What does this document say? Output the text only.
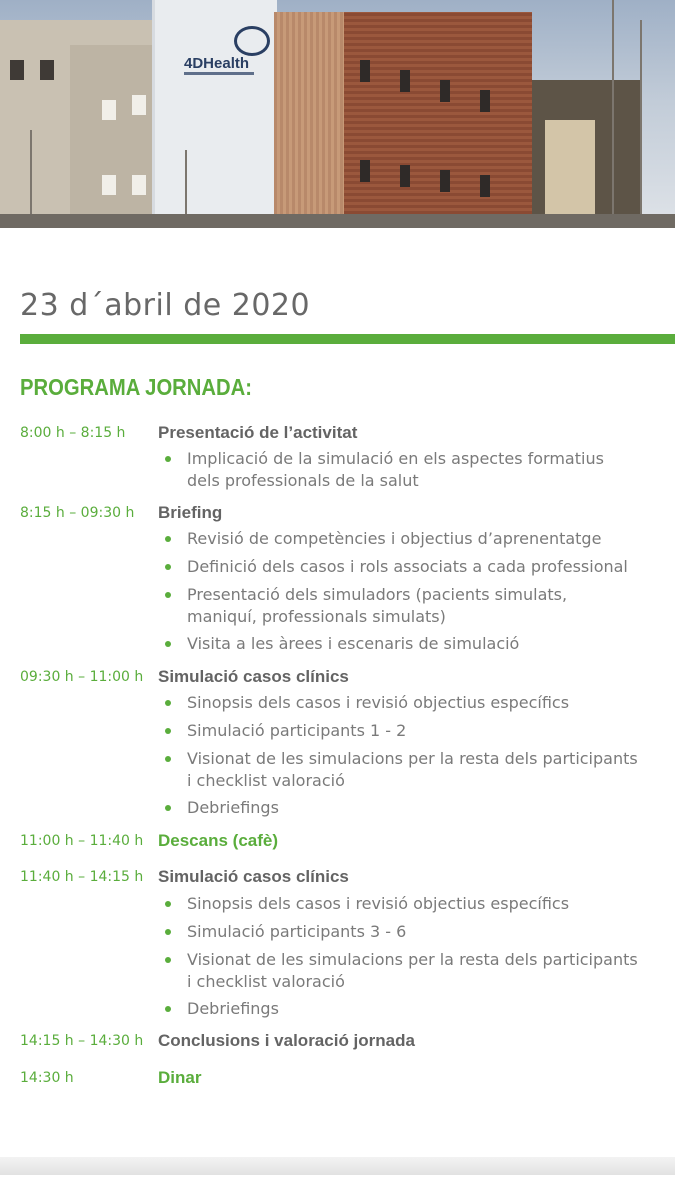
4DHealth
23 d´abril de 2020
PROGRAMA JORNADA:
8:00 h – 8:15 h Presentació de l’activitat
Implicació de la simulació en els aspectes formatius
dels professionals de la salut
8:15 h – 09:30 h Briefing
Revisió de competències i objectius d’aprenentatge
Definició dels casos i rols associats a cada professional
Presentació dels simuladors (pacients simulats,
maniquí, professionals simulats)
Visita a les àrees i escenaris de simulació
09:30 h – 11:00 h Simulació casos clínics
Sinopsis dels casos i revisió objectius específics
Simulació participants 1 - 2
Visionat de les simulacions per la resta dels participants
i checklist valoració
Debriefings
11:00 h – 11:40 h Descans (cafè)
11:40 h – 14:15 h Simulació casos clínics
Sinopsis dels casos i revisió objectius específics
Simulació participants 3 - 6
Visionat de les simulacions per la resta dels participants
i checklist valoració
Debriefings
14:15 h – 14:30 h Conclusions i valoració jornada
14:30 h	Dinar
